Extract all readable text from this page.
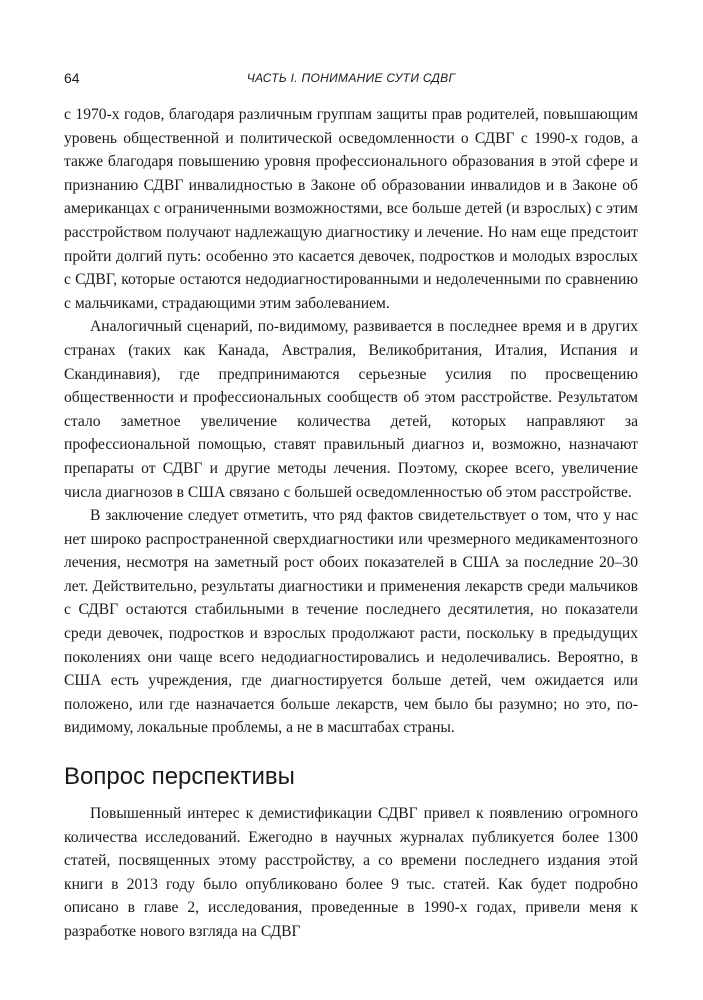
64	ЧАСТЬ I. ПОНИМАНИЕ СУТИ СДВГ

с 1970-х годов, благодаря различным группам защиты прав родителей, повышающим уровень общественной и политической осведомленности о СДВГ с 1990-х годов, а также благодаря повышению уровня профессионального образования в этой сфере и признанию СДВГ инвалидностью в Законе об образовании инвалидов и в Законе об американцах с ограниченными возможностями, все больше детей (и взрослых) с этим расстройством получают надлежащую диагностику и лечение. Но нам еще предстоит пройти долгий путь: особенно это касается девочек, подростков и молодых взрослых с СДВГ, которые остаются недодиагностированными и недолеченными по сравнению с мальчиками, страдающими этим заболеванием.

Аналогичный сценарий, по-видимому, развивается в последнее время и в других странах (таких как Канада, Австралия, Великобритания, Италия, Испания и Скандинавия), где предпринимаются серьезные усилия по просвещению общественности и профессиональных сообществ об этом расстройстве. Результатом стало заметное увеличение количества детей, которых направляют за профессиональной помощью, ставят правильный диагноз и, возможно, назначают препараты от СДВГ и другие методы лечения. Поэтому, скорее всего, увеличение числа диагнозов в США связано с большей осведомленностью об этом расстройстве.

В заключение следует отметить, что ряд фактов свидетельствует о том, что у нас нет широко распространенной сверхдиагностики или чрезмерного медикаментозного лечения, несмотря на заметный рост обоих показателей в США за последние 20–30 лет. Действительно, результаты диагностики и применения лекарств среди мальчиков с СДВГ остаются стабильными в течение последнего десятилетия, но показатели среди девочек, подростков и взрослых продолжают расти, поскольку в предыдущих поколениях они чаще всего недодиагностировались и недолечивались. Вероятно, в США есть учреждения, где диагностируется больше детей, чем ожидается или положено, или где назначается больше лекарств, чем было бы разумно; но это, по-видимому, локальные проблемы, а не в масштабах страны.

Вопрос перспективы

Повышенный интерес к демистификации СДВГ привел к появлению огромного количества исследований. Ежегодно в научных журналах публикуется более 1300 статей, посвященных этому расстройству, а со времени последнего издания этой книги в 2013 году было опубликовано более 9 тыс. статей. Как будет подробно описано в главе 2, исследования, проведенные в 1990-х годах, привели меня к разработке нового взгляда на СДВГ
